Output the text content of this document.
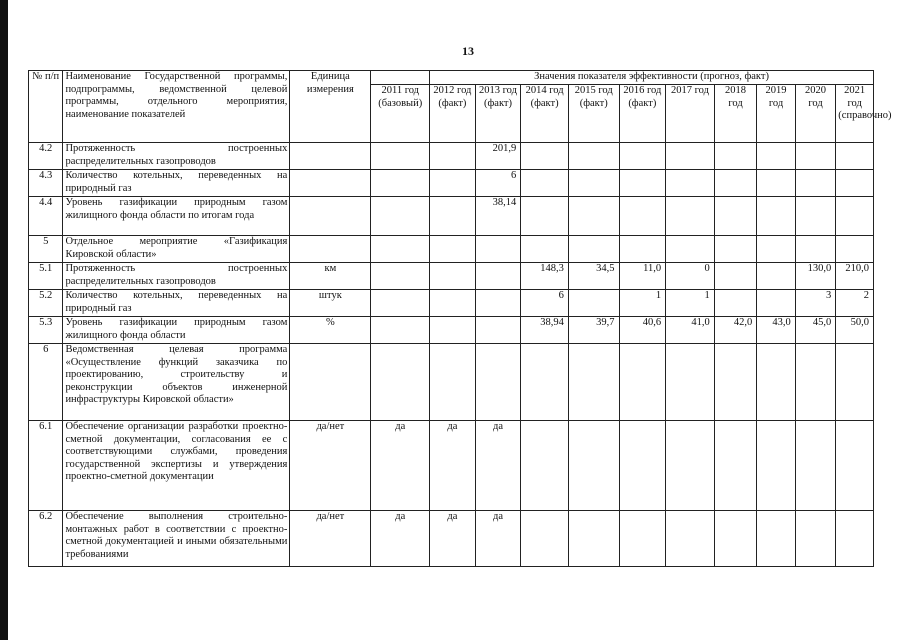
13
№ п/п	Наименование Государственной программы, подпрограммы, ведомственной целевой программы, отдельного мероприятия, наименование показателей	Единица измерения		Значения показателя эффективности (прогноз, факт)									
			2011 год (базовый)	2012 год (факт)	2013 год (факт)	2014 год (факт)	2015 год (факт)	2016 год (факт)	2017 год	2018 год	2019 год	2020 год	2021 год (справочно)
4.2	Протяженность построенных распределительных газопроводов				201,9								
4.3	Количество котельных, переведенных на природный газ				6								
4.4	Уровень газификации природным газом жилищного фонда области по итогам года				38,14								
5	Отдельное мероприятие «Газификация Кировской области»												
5.1	Протяженность построенных распределительных газопроводов	км				148,3	34,5	11,0	0			130,0	210,0
5.2	Количество котельных, переведенных на природный газ	штук				6		1	1			3	2
5.3	Уровень газификации природным газом жилищного фонда области	%				38,94	39,7	40,6	41,0	42,0	43,0	45,0	50,0
6	Ведомственная целевая программа «Осуществление функций заказчика по проектированию, строительству и реконструкции объектов инженерной инфраструктуры Кировской области»												
6.1	Обеспечение организации разработки проектно-сметной документации, согласования ее с соответствующими службами, проведения государственной экспертизы и утверждения проектно-сметной документации	да/нет	да	да	да								
6.2	Обеспечение выполнения строительно-монтажных работ в соответствии с проектно-сметной документацией и иными обязательными требованиями	да/нет	да	да	да								
